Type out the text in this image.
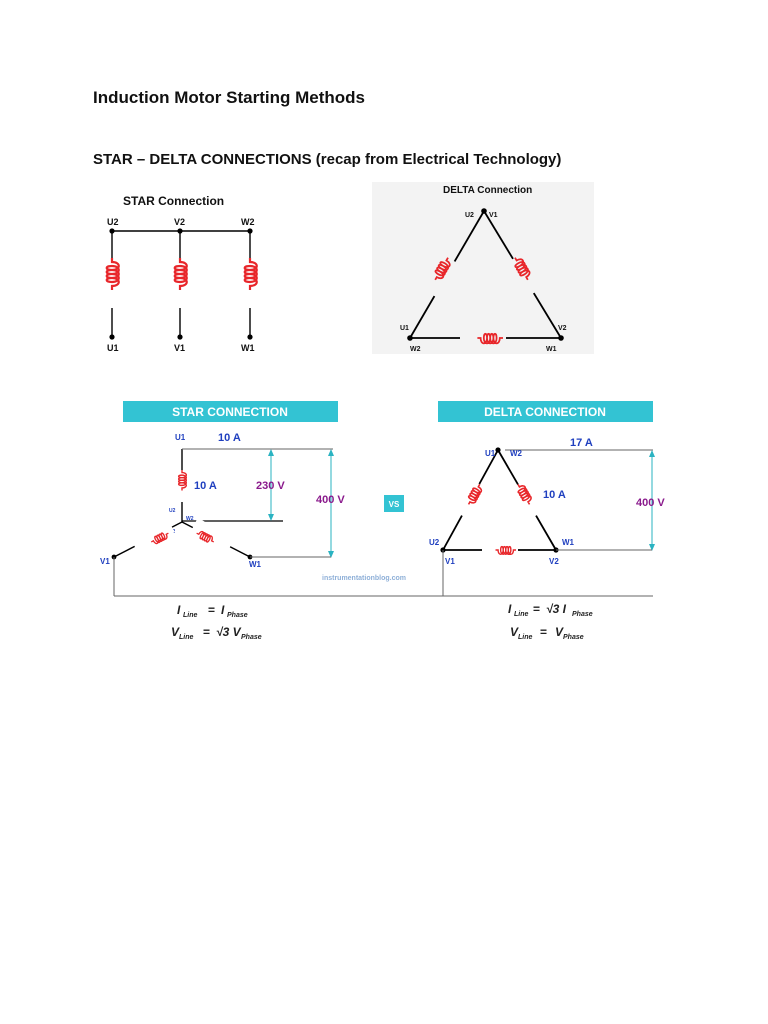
Induction Motor Starting Methods
STAR – DELTA CONNECTIONS (recap from Electrical Technology)
STAR Connection
U2	V2	W2
U1	V1	W1
DELTA Connection
U2 V1
U1
W2
V2
W1
STAR CONNECTION
U1	10 A
10 A	230 V
400 V
U2
W2
V1	W1
I Line = I Phase
V Line = √3 V Phase
VS
DELTA CONNECTION
17 A
U1 W2
10 A
U2	W1
V1	V2
400 V
instrumentationblog.com
I Line = √3 I Phase
V Line = V Phase
